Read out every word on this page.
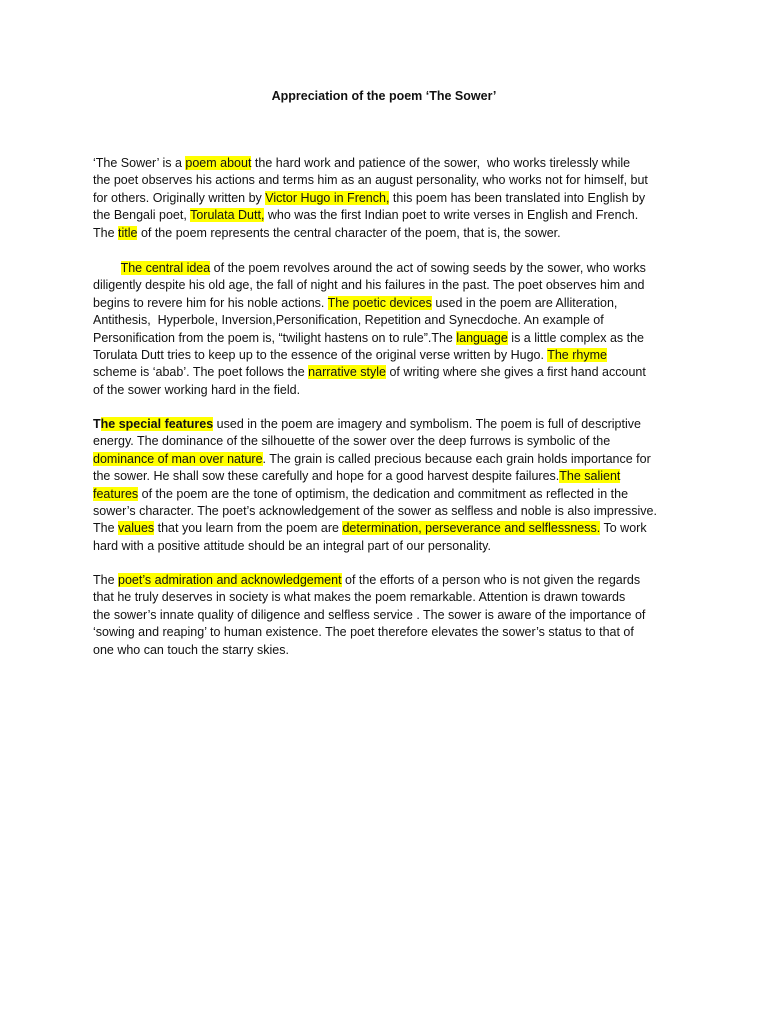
Appreciation of the poem ‘The Sower’
‘The Sower’ is a poem about the hard work and patience of the sower,  who works tirelessly while
the poet observes his actions and terms him as an august personality, who works not for himself, but
for others. Originally written by Victor Hugo in French, this poem has been translated into English by
the Bengali poet, Torulata Dutt, who was the first Indian poet to write verses in English and French.
The title of the poem represents the central character of the poem, that is, the sower.
The central idea of the poem revolves around the act of sowing seeds by the sower, who works
diligently despite his old age, the fall of night and his failures in the past. The poet observes him and
begins to revere him for his noble actions. The poetic devices used in the poem are Alliteration,
Antithesis,  Hyperbole, Inversion,Personification, Repetition and Synecdoche. An example of
Personification from the poem is, “twilight hastens on to rule”.The language is a little complex as the
Torulata Dutt tries to keep up to the essence of the original verse written by Hugo. The rhyme
scheme is ‘abab’. The poet follows the narrative style of writing where she gives a first hand account
of the sower working hard in the field.
The special features used in the poem are imagery and symbolism. The poem is full of descriptive
energy. The dominance of the silhouette of the sower over the deep furrows is symbolic of the
dominance of man over nature. The grain is called precious because each grain holds importance for
the sower. He shall sow these carefully and hope for a good harvest despite failures.The salient
features of the poem are the tone of optimism, the dedication and commitment as reflected in the
sower’s character. The poet’s acknowledgement of the sower as selfless and noble is also impressive.
The values that you learn from the poem are determination, perseverance and selflessness. To work
hard with a positive attitude should be an integral part of our personality.
The poet’s admiration and acknowledgement of the efforts of a person who is not given the regards
that he truly deserves in society is what makes the poem remarkable. Attention is drawn towards
the sower’s innate quality of diligence and selfless service . The sower is aware of the importance of
‘sowing and reaping’ to human existence. The poet therefore elevates the sower’s status to that of
one who can touch the starry skies.
